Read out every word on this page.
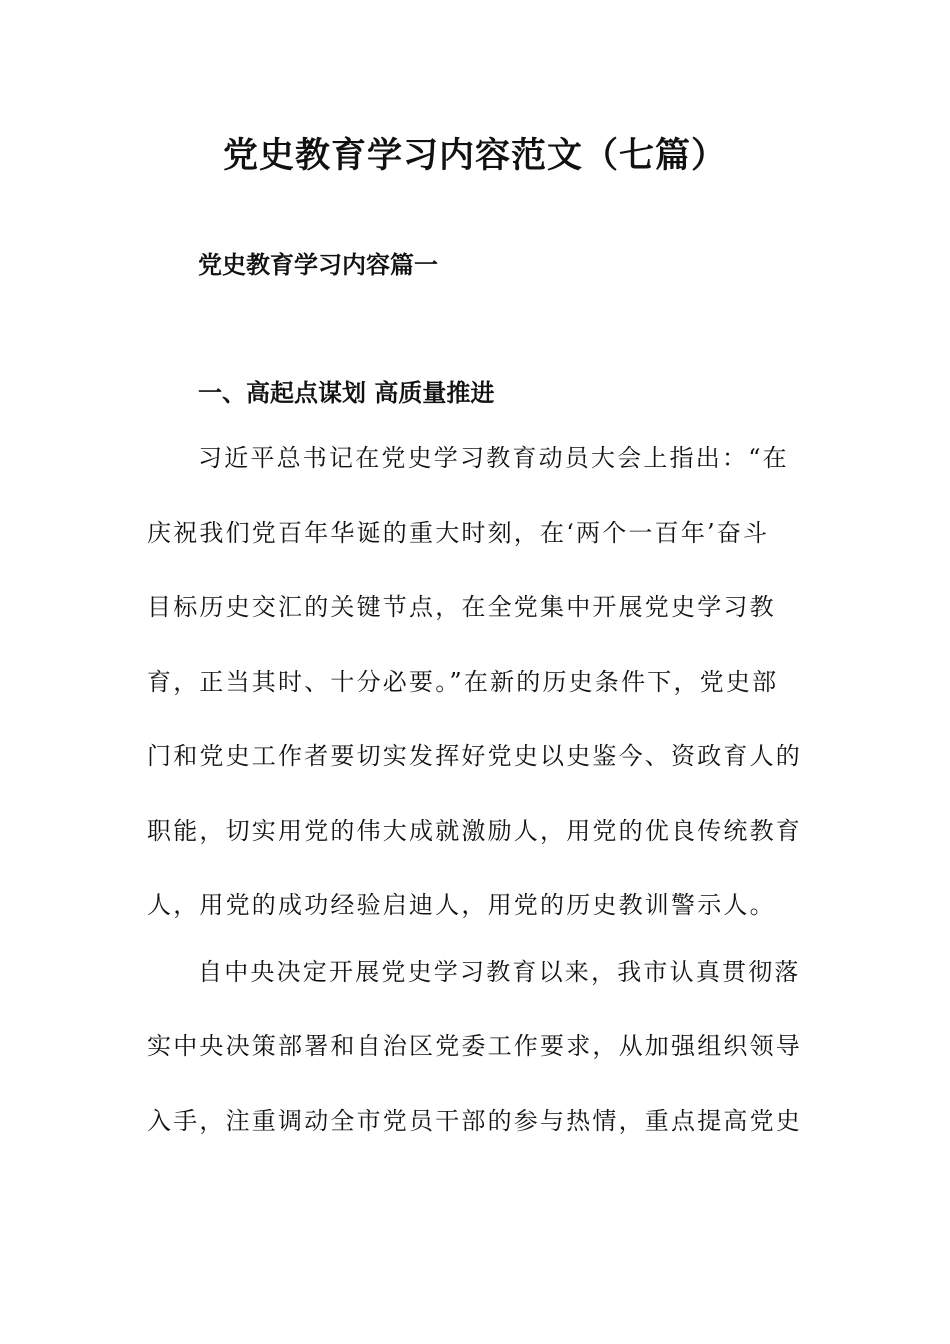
党史教育学习内容范文（七篇）
党史教育学习内容篇一
一、高起点谋划 高质量推进
习近平总书记在党史学习教育动员大会上指出：“在
庆祝我们党百年华诞的重大时刻，在‘两个一百年’奋斗
目标历史交汇的关键节点，在全党集中开展党史学习教
育，正当其时、十分必要。”在新的历史条件下，党史部
门和党史工作者要切实发挥好党史以史鉴今、资政育人的
职能，切实用党的伟大成就激励人，用党的优良传统教育
人，用党的成功经验启迪人，用党的历史教训警示人。
自中央决定开展党史学习教育以来，我市认真贯彻落
实中央决策部署和自治区党委工作要求，从加强组织领导
入手，注重调动全市党员干部的参与热情，重点提高党史
